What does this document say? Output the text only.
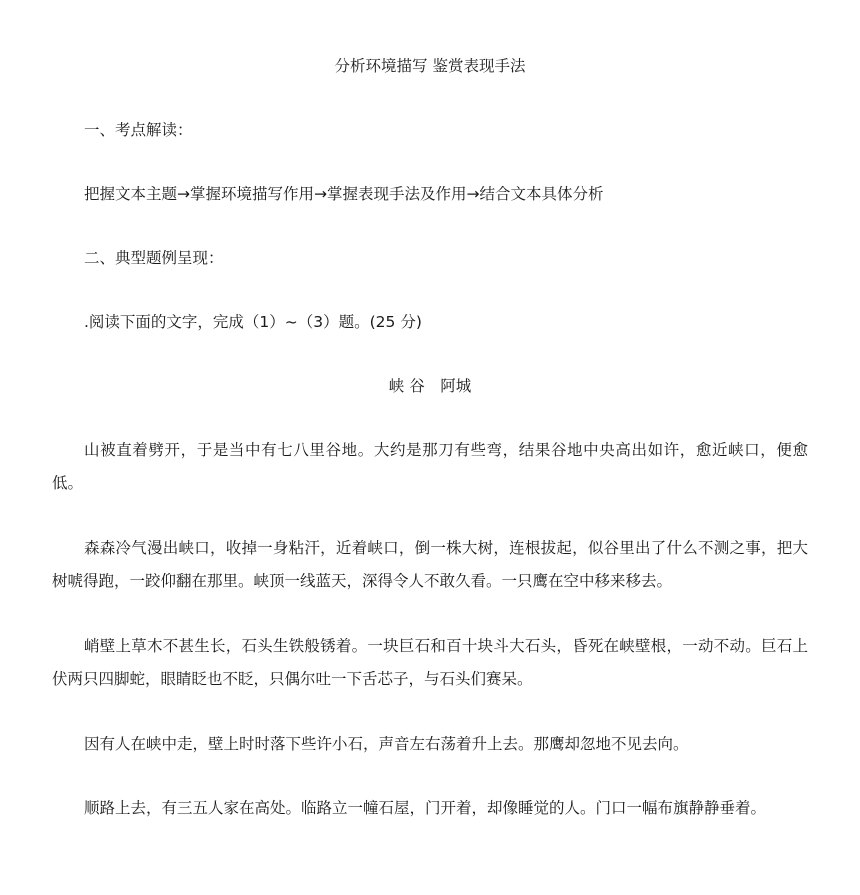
分析环境描写 鉴赏表现手法

一、考点解读：

把握文本主题→掌握环境描写作用→掌握表现手法及作用→结合文本具体分析

二、典型题例呈现：

.阅读下面的文字，完成（1）~（3）题。(25 分)

峡 谷　阿城

山被直着劈开，于是当中有七八里谷地。大约是那刀有些弯，结果谷地中央高出如许，愈近峡口，便愈低。

森森冷气漫出峡口，收掉一身粘汗，近着峡口，倒一株大树，连根拔起，似谷里出了什么不测之事，把大树唬得跑，一跤仰翻在那里。峡顶一线蓝天，深得令人不敢久看。一只鹰在空中移来移去。

峭壁上草木不甚生长，石头生铁般锈着。一块巨石和百十块斗大石头，昏死在峡壁根，一动不动。巨石上伏两只四脚蛇，眼睛眨也不眨，只偶尔吐一下舌芯子，与石头们赛呆。

因有人在峡中走，壁上时时落下些许小石，声音左右荡着升上去。那鹰却忽地不见去向。

顺路上去，有三五人家在高处。临路立一幢石屋，门开着，却像睡觉的人。门口一幅布旗静静垂着。
